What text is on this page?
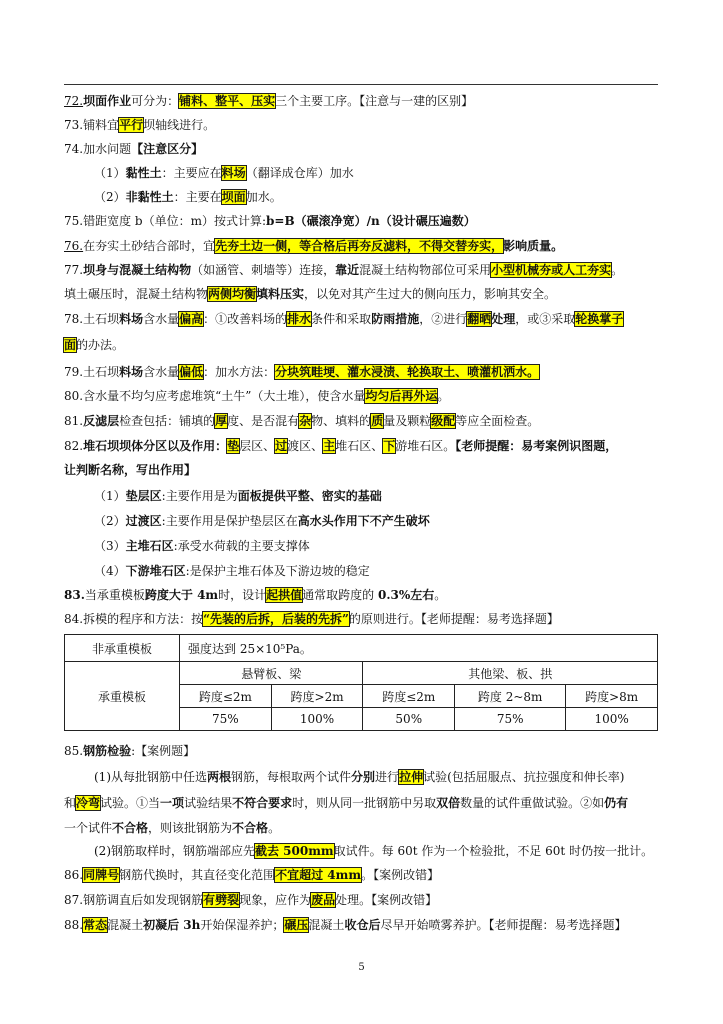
72.坝面作业可分为：铺料、整平、压实三个主要工序。【注意与一建的区别】
73.铺料宜平行坝轴线进行。
74.加水问题【注意区分】
（1）黏性土：主要应在料场（翻译成仓库）加水
（2）非黏性土：主要在坝面加水。
75.错距宽度 b（单位：m）按式计算:b=B（碾滚净宽）/n（设计碾压遍数）
76.在夯实土砂结合部时，宜先夯土边一侧，等合格后再夯反滤料，不得交替夯实，影响质量。
77.坝身与混凝土结构物（如涵管、刺墙等）连接，靠近混凝土结构物部位可采用小型机械夯或人工夯实。
填土碾压时，混凝土结构物两侧均衡填料压实，以免对其产生过大的侧向压力，影响其安全。
78.土石坝料场含水量偏高：①改善料场的排水条件和采取防雨措施，②进行翻晒处理，或③采取轮换掌子
面的办法。
79.土石坝料场含水量偏低：加水方法：分块筑畦埂、灌水浸渍、轮换取土、喷灌机洒水。
80.含水量不均匀应考虑堆筑“土牛”（大土堆），使含水量均匀后再外运。
81.反滤层检查包括：铺填的厚度、是否混有杂物、填料的质量及颗粒级配等应全面检查。
82.堆石坝坝体分区以及作用：垫层区、过渡区、主堆石区、下游堆石区。【老师提醒：易考案例识图题，
让判断名称，写出作用】
（1）垫层区:主要作用是为面板提供平整、密实的基础
（2）过渡区:主要作用是保护垫层区在高水头作用下不产生破坏
（3）主堆石区:承受水荷载的主要支撑体
（4）下游堆石区:是保护主堆石体及下游边坡的稳定
83.当承重模板跨度大于 4m时，设计起拱值通常取跨度的 0.3%左右。
84.拆模的程序和方法：按“先装的后拆，后装的先拆”的原则进行。【老师提醒：易考选择题】
非承重模板	强度达到 25×10⁵Pa。				
承重模板	悬臂板、梁		其他梁、板、拱		
	跨度≤2m	跨度>2m	跨度≤2m	跨度 2~8m	跨度>8m
	75%	100%	50%	75%	100%
85.钢筋检验:【案例题】
(1)从每批钢筋中任选两根钢筋，每根取两个试件分别进行拉伸试验(包括屈服点、抗拉强度和伸长率)
和冷弯试验。①当一项试验结果不符合要求时，则从同一批钢筋中另取双倍数量的试件重做试验。②如仍有
一个试件不合格，则该批钢筋为不合格。
(2)钢筋取样时，钢筋端部应先截去 500mm取试件。每 60t 作为一个检验批，不足 60t 时仍按一批计。
86.同牌号钢筋代换时，其直径变化范围不宜超过 4mm。【案例改错】
87.钢筋调直后如发现钢筋有劈裂现象，应作为废品处理。【案例改错】
88.常态混凝土初凝后 3h开始保湿养护；碾压混凝土收仓后尽早开始喷雾养护。【老师提醒：易考选择题】
5
